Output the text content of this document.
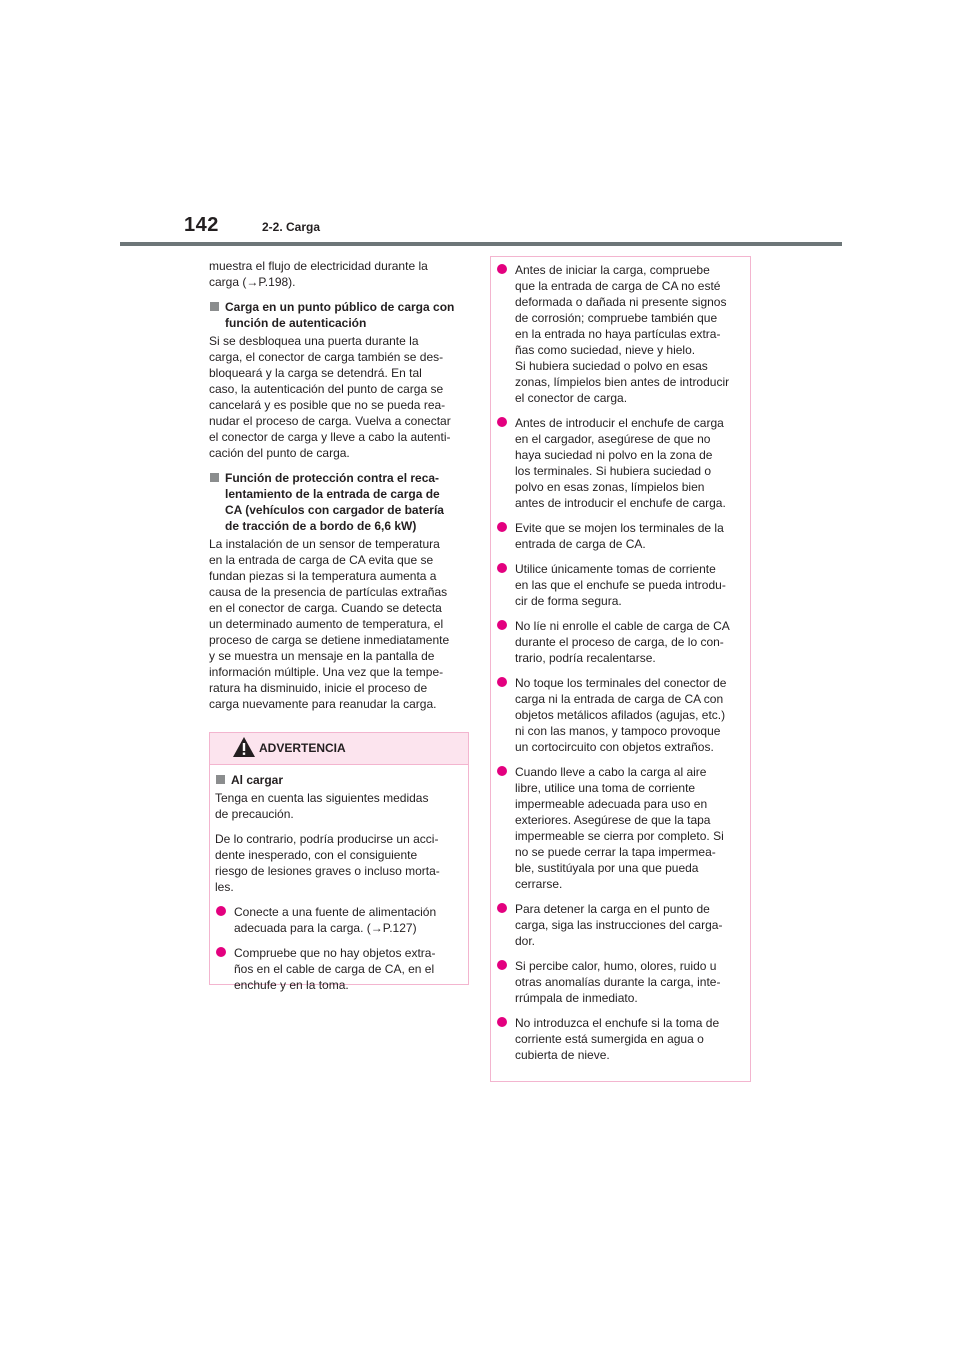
142	2-2. Carga

muestra el flujo de electricidad durante la

carga (→P.198).

Carga en un punto público de carga con
función de autenticación

Si se desbloquea una puerta durante la

carga, el conector de carga también se des-

bloqueará y la carga se detendrá. En tal

caso, la autenticación del punto de carga se

cancelará y es posible que no se pueda rea-

nudar el proceso de carga. Vuelva a conectar

el conector de carga y lleve a cabo la autenti-

cación del punto de carga.

Función de protección contra el reca-
lentamiento de la entrada de carga de
CA (vehículos con cargador de batería
de tracción de a bordo de 6,6 kW)

La instalación de un sensor de temperatura

en la entrada de carga de CA evita que se

fundan piezas si la temperatura aumenta a

causa de la presencia de partículas extrañas

en el conector de carga. Cuando se detecta

un determinado aumento de temperatura, el

proceso de carga se detiene inmediatamente

y se muestra un mensaje en la pantalla de

información múltiple. Una vez que la tempe-

ratura ha disminuido, inicie el proceso de

carga nuevamente para reanudar la carga.

ADVERTENCIA
Al cargar

Tenga en cuenta las siguientes medidas

de precaución.

De lo contrario, podría producirse un acci-

dente inesperado, con el consiguiente

riesgo de lesiones graves o incluso morta-

les.

Conecte a una fuente de alimentación
adecuada para la carga. (→P.127)
Compruebe que no hay objetos extra-
ños en el cable de carga de CA, en el
enchufe y en la toma.
Antes de iniciar la carga, compruebe
que la entrada de carga de CA no esté
deformada o dañada ni presente signos
de corrosión; compruebe también que
en la entrada no haya partículas extra-
ñas como suciedad, nieve y hielo.
Si hubiera suciedad o polvo en esas
zonas, límpielos bien antes de introducir
el conector de carga.
Antes de introducir el enchufe de carga
en el cargador, asegúrese de que no
haya suciedad ni polvo en la zona de
los terminales. Si hubiera suciedad o
polvo en esas zonas, límpielos bien
antes de introducir el enchufe de carga.
Evite que se mojen los terminales de la
entrada de carga de CA.
Utilice únicamente tomas de corriente
en las que el enchufe se pueda introdu-
cir de forma segura.
No líe ni enrolle el cable de carga de CA
durante el proceso de carga, de lo con-
trario, podría recalentarse.
No toque los terminales del conector de
carga ni la entrada de carga de CA con
objetos metálicos afilados (agujas, etc.)
ni con las manos, y tampoco provoque
un cortocircuito con objetos extraños.
Cuando lleve a cabo la carga al aire
libre, utilice una toma de corriente
impermeable adecuada para uso en
exteriores. Asegúrese de que la tapa
impermeable se cierra por completo. Si
no se puede cerrar la tapa impermea-
ble, sustitúyala por una que pueda
cerrarse.
Para detener la carga en el punto de
carga, siga las instrucciones del carga-
dor.
Si percibe calor, humo, olores, ruido u
otras anomalías durante la carga, inte-
rrúmpala de inmediato.
No introduzca el enchufe si la toma de
corriente está sumergida en agua o
cubierta de nieve.
